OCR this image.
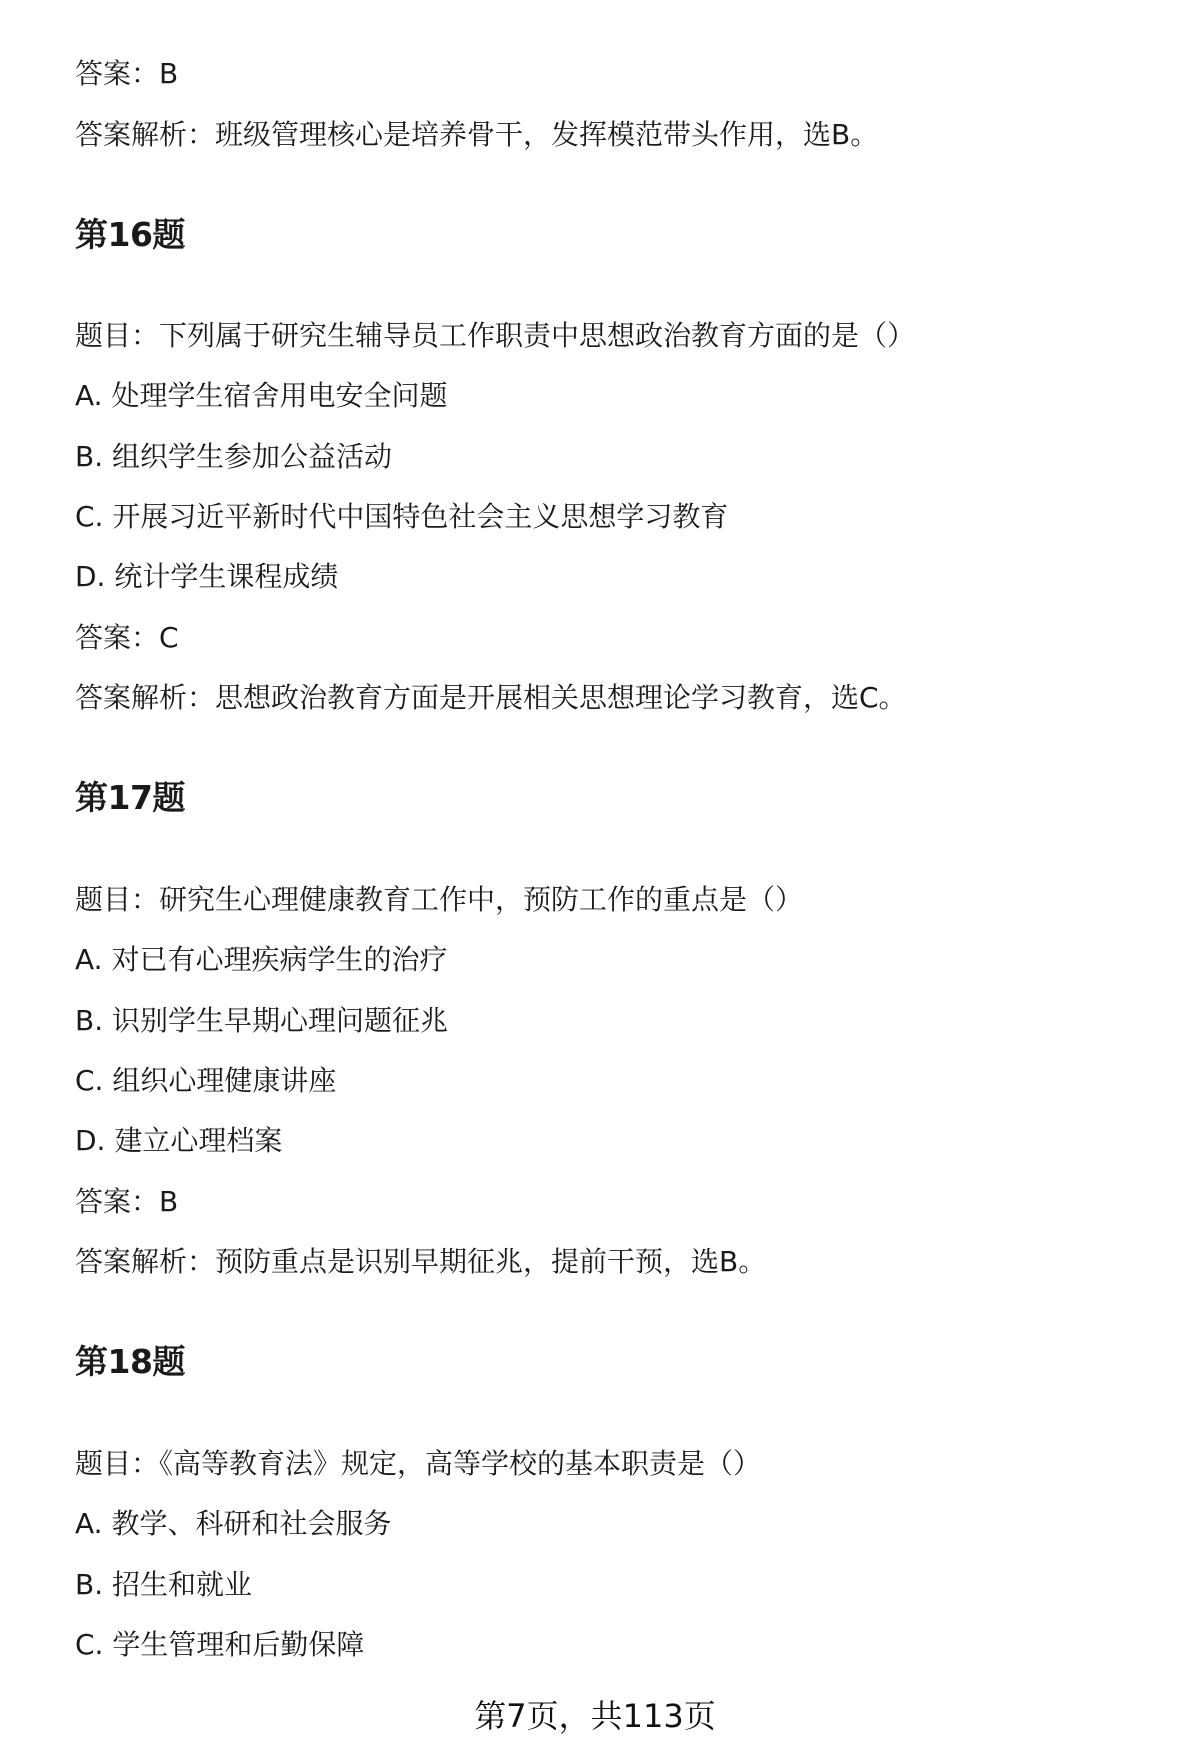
答案：B

答案解析：班级管理核心是培养骨干，发挥模范带头作用，选B。

第16题

题目：下列属于研究生辅导员工作职责中思想政治教育方面的是（）

A. 处理学生宿舍用电安全问题

B. 组织学生参加公益活动

C. 开展习近平新时代中国特色社会主义思想学习教育

D. 统计学生课程成绩

答案：C

答案解析：思想政治教育方面是开展相关思想理论学习教育，选C。

第17题

题目：研究生心理健康教育工作中，预防工作的重点是（）

A. 对已有心理疾病学生的治疗

B. 识别学生早期心理问题征兆

C. 组织心理健康讲座

D. 建立心理档案

答案：B

答案解析：预防重点是识别早期征兆，提前干预，选B。

第18题

题目：《高等教育法》规定，高等学校的基本职责是（）

A. 教学、科研和社会服务

B. 招生和就业

C. 学生管理和后勤保障

第7页，共113页
